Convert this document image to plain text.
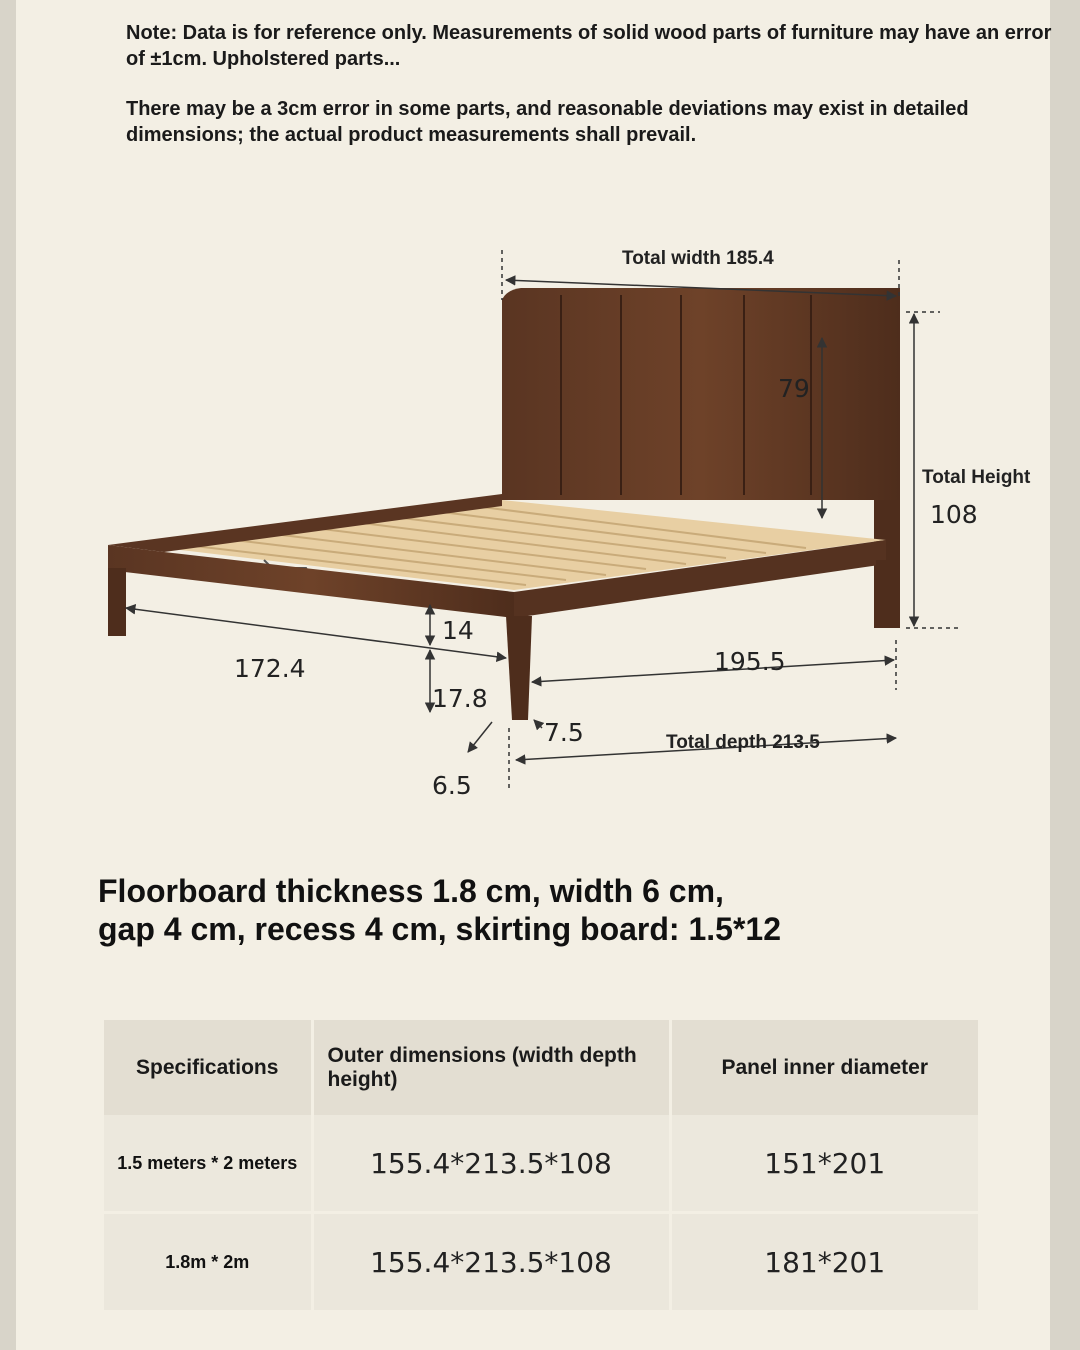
Note: Data is for reference only. Measurements of solid wood parts of furniture may have an error of ±1cm. Upholstered parts...
There may be a 3cm error in some parts, and reasonable deviations may exist in detailed dimensions; the actual product measurements shall prevail.
Total width 185.4
79
Total Height
108
14
17.8
172.4	195.5
7.5
6.5
Total depth 213.5
Floorboard thickness 1.8 cm, width 6 cm,
gap 4 cm, recess 4 cm, skirting board: 1.5*12
Specifications	Outer dimensions (width depth height)	Panel inner diameter
1.5 meters * 2 meters	155.4*213.5*108	151*201
1.8m * 2m	155.4*213.5*108	181*201
